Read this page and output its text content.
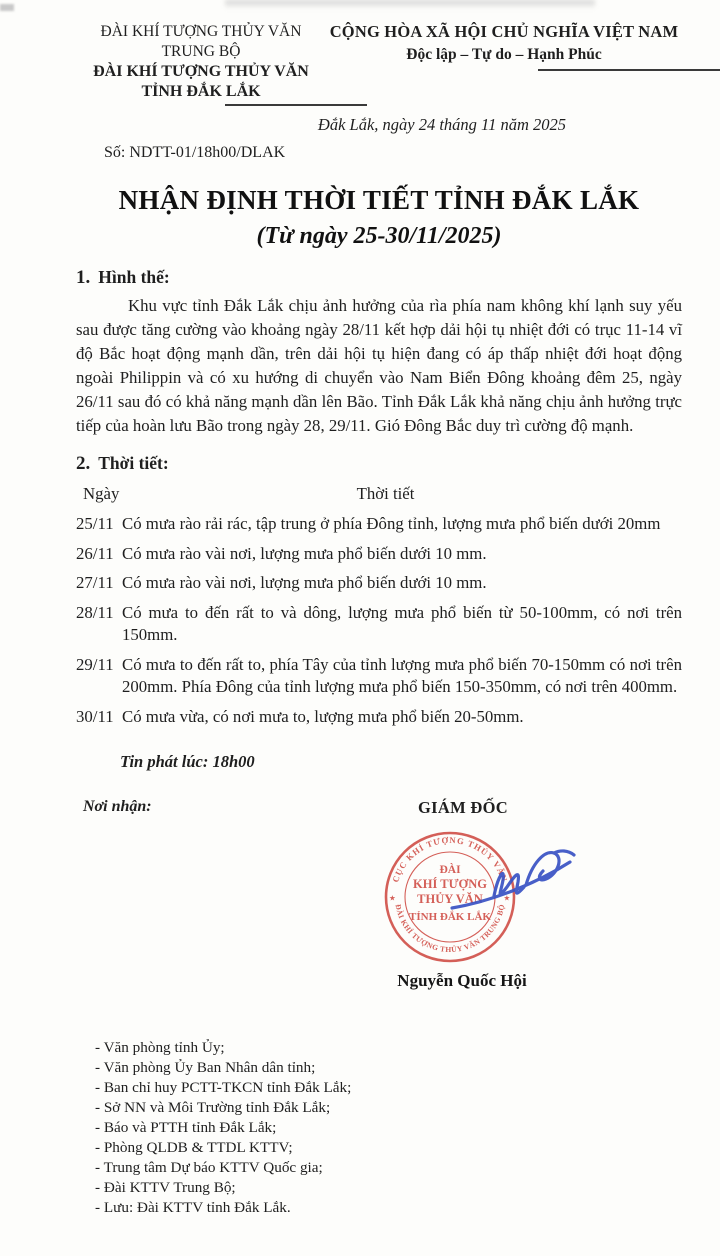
ĐÀI KHÍ TƯỢNG THỦY VĂN
TRUNG BỘ
ĐÀI KHÍ TƯỢNG THỦY VĂN
TỈNH ĐẮK LẮK
CỘNG HÒA XÃ HỘI CHỦ NGHĨA VIỆT NAM
Độc lập – Tự do – Hạnh Phúc
Đắk Lắk, ngày 24 tháng 11 năm 2025
Số: NDTT-01/18h00/DLAK
NHẬN ĐỊNH THỜI TIẾT TỈNH ĐẮK LẮK
(Từ ngày 25-30/11/2025)
1. Hình thế:

Khu vực tỉnh Đắk Lắk chịu ảnh hưởng của rìa phía nam không khí lạnh suy yếu sau được tăng cường vào khoảng ngày 28/11 kết hợp dải hội tụ nhiệt đới có trục 11-14 vĩ độ Bắc hoạt động mạnh dần, trên dải hội tụ hiện đang có áp thấp nhiệt đới hoạt động ngoài Philippin và có xu hướng di chuyển vào Nam Biển Đông khoảng đêm 25, ngày 26/11 sau đó có khả năng mạnh dần lên Bão. Tỉnh Đắk Lắk khả năng chịu ảnh hưởng trực tiếp của hoàn lưu Bão trong ngày 28, 29/11. Gió Đông Bắc duy trì cường độ mạnh.

2. Thời tiết:
Ngày	Thời tiết
25/11 Có mưa rào rải rác, tập trung ở phía Đông tỉnh, lượng mưa phổ biến dưới 20mm
26/11 Có mưa rào vài nơi, lượng mưa phổ biến dưới 10 mm.
27/11 Có mưa rào vài nơi, lượng mưa phổ biến dưới 10 mm.
28/11 Có mưa to đến rất to và dông, lượng mưa phổ biến từ 50-100mm, có nơi trên 150mm.
29/11 Có mưa to đến rất to, phía Tây của tỉnh lượng mưa phổ biến 70-150mm có nơi trên 200mm. Phía Đông của tỉnh lượng mưa phổ biến 150-350mm, có nơi trên 400mm.
30/11 Có mưa vừa, có nơi mưa to, lượng mưa phổ biến 20-50mm.
Tin phát lúc: 18h00
Nơi nhận:	GIÁM ĐỐC
CỤC KHÍ TƯỢNG THỦY VĂN
ĐÀI KHÍ TƯỢNG THỦY VĂN TRUNG BỘ
★	★
ĐÀI
KHÍ TƯỢNG
THỦY VĂN
TỈNH ĐẮK LẮK
Nguyễn Quốc Hội
- Văn phòng tỉnh Ủy;
- Văn phòng Ủy Ban Nhân dân tỉnh;
- Ban chỉ huy PCTT-TKCN tỉnh Đắk Lắk;
- Sở NN và Môi Trường tỉnh Đắk Lắk;
- Báo và PTTH tỉnh Đắk Lắk;
- Phòng QLDB & TTDL KTTV;
- Trung tâm Dự báo KTTV Quốc gia;
- Đài KTTV Trung Bộ;
- Lưu: Đài KTTV tỉnh Đắk Lắk.
